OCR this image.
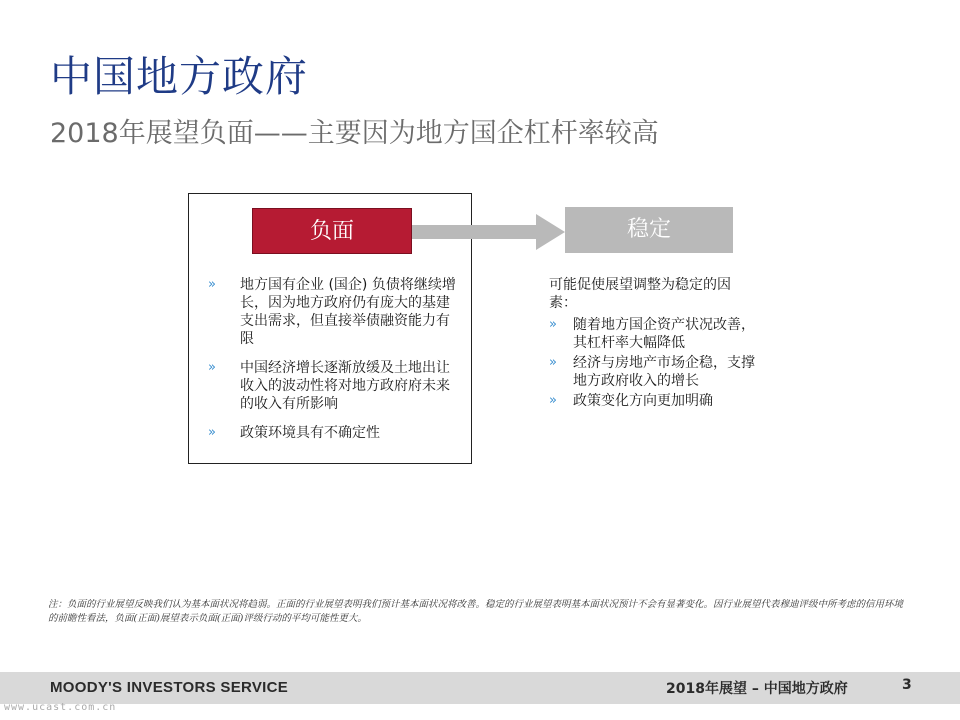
中国地方政府
2018年展望负面——主要因为地方国企杠杆率较高
负面	稳定
» 地方国有企业 (国企) 负债将继续增长，因为地方政府仍有庞大的基建支出需求，但直接举债融资能力有限
» 中国经济增长逐渐放缓及土地出让收入的波动性将对地方政府府未来的收入有所影响
» 政策环境具有不确定性
可能促使展望调整为稳定的因素：
» 随着地方国企资产状况改善，其杠杆率大幅降低
» 经济与房地产市场企稳，支撑地方政府收入的增长
» 政策变化方向更加明确
注：负面的行业展望反映我们认为基本面状况将趋弱。正面的行业展望表明我们预计基本面状况将改善。稳定的行业展望表明基本面状况预计不会有显著变化。因行业展望代表穆迪评级中所考虑的信用环境的前瞻性看法，负面(正面)展望表示负面(正面)评级行动的平均可能性更大。
MOODY'S INVESTORS SERVICE	2018年展望 – 中国地方政府	3
www.ucast.com.cn
